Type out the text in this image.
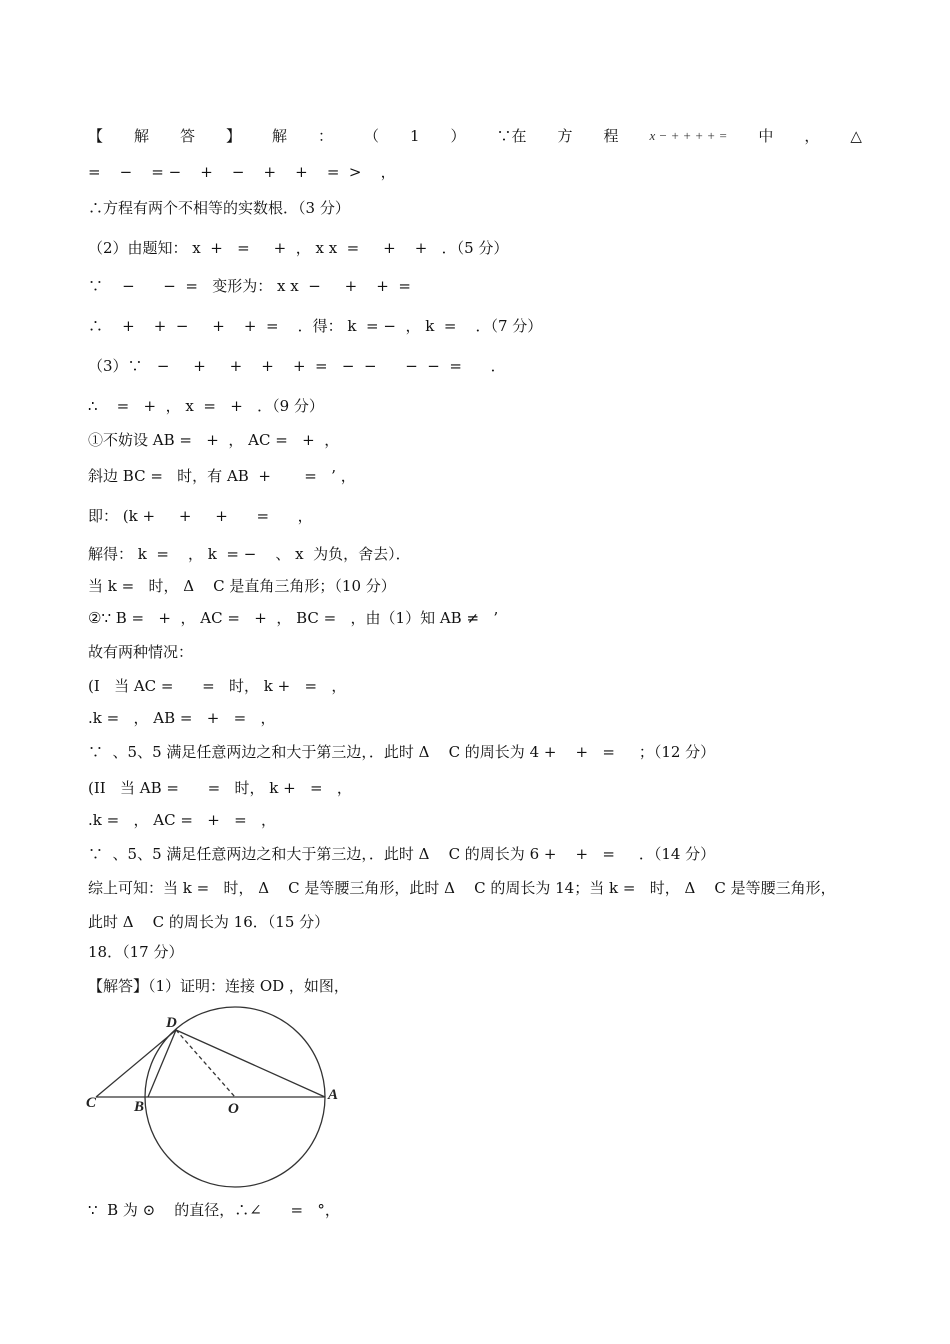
【 解 答 】 解 ： （ 1 ） ∵在 方 程 x − + + + + = 中 ， △
=    −    = −    +    −    +    +    =  >    ，
∴方程有两个不相等的实数根．（3 分）
（2）由题知： x  +   =     +  ， x x  =     +    +   ．（5 分）
∵    −      −  =   变形为： x x  −     +    +  =
∴    +    +  −     +    +  =    ．得： k  = −  ， k  =    ．（7 分）
（3）∵   −     +     +    +    +  =   −  −      −  −  =      ．
∴    =   +  ， x  =   +   ．（9 分）
①不妨设 AB =   +  ， AC =   +  ，
斜边 BC =   时，有 AB  +       =   ’ ，
即： (k +     +     +      =      ，
解得： k  =    ， k  = −    、 x  为负，舍去）．
当 k =   时， Δ    C 是直角三角形；（10 分）
②∵ B =   +  ， AC =   +  ， BC =   ，由（1）知 AB ≠   ’
故有两种情况：
(I   当 AC =      =   时， k +   =   ，
.k =   ， AB =   +   =   ，
∵  、5、5 满足任意两边之和大于第三边，．此时 Δ    C 的周长为 4 +    +   =     ；（12 分）
(II   当 AB =      =   时， k +   =   ，
.k =   ， AC =   +   =   ，
∵  、5、5 满足任意两边之和大于第三边，．此时 Δ    C 的周长为 6 +    +   =     ．（14 分）
综上可知：当 k =   时， Δ    C 是等腰三角形，此时 Δ    C 的周长为 14；当 k =   时， Δ    C 是等腰三角形，
此时 Δ    C 的周长为 16．（15 分）
18．（17 分）
【解答】（1）证明：连接 OD ，如图，
C	B	O
A
D
∵  B 为 ⊙    的直径，∴∠      =   °，
